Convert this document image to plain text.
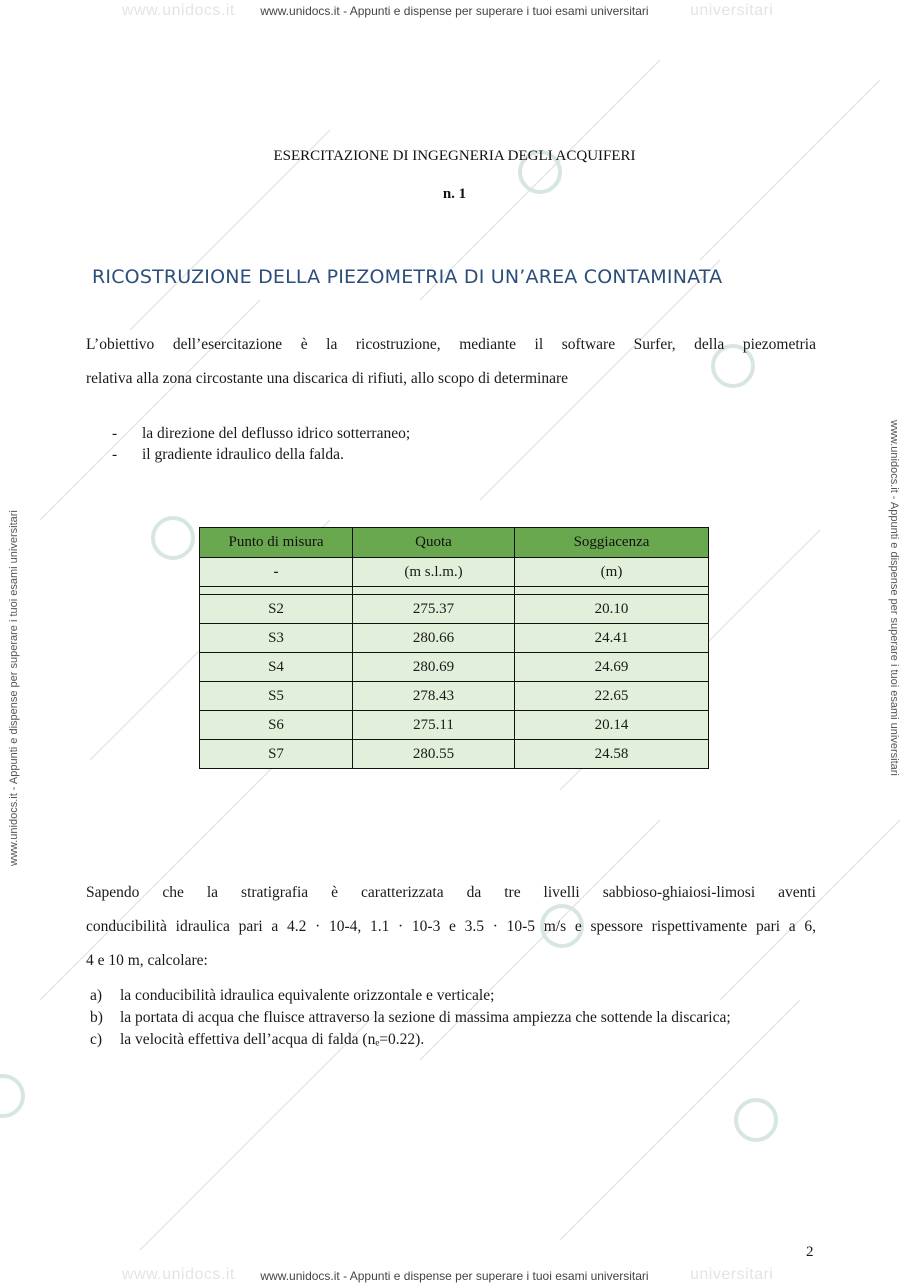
www.unidocs.it	universitari
www.unidocs.it - Appunti e dispense per superare i tuoi esami universitari
www.unidocs.it	universitari
www.unidocs.it - Appunti e dispense per superare i tuoi esami universitari
www.unidocs.it - Appunti e dispense per superare i tuoi esami universitari	www.unidocs.it - Appunti e dispense per superare i tuoi esami universitari
ESERCITAZIONE DI INGEGNERIA DEGLI ACQUIFERI
n. 1
RICOSTRUZIONE DELLA PIEZOMETRIA DI UN’AREA CONTAMINATA
L’obiettivo dell’esercitazione è la ricostruzione, mediante il software Surfer, della piezometria
relativa alla zona circostante una discarica di rifiuti, allo scopo di determinare
-	la direzione del deflusso idrico sotterraneo;
-	il gradiente idraulico della falda.
Punto di misura	Quota	Soggiacenza
-	(m s.l.m.)	(m)

S2	275.37	20.10
S3	280.66	24.41
S4	280.69	24.69
S5	278.43	22.65
S6	275.11	20.14
S7	280.55	24.58
Sapendo che la stratigrafia è caratterizzata da tre livelli sabbioso-ghiaiosi-limosi aventi
conducibilità idraulica pari a 4.2 · 10-4, 1.1 · 10-3 e 3.5 · 10-5 m/s e spessore rispettivamente pari a 6,
4 e 10 m, calcolare:
a)	la conducibilità idraulica equivalente orizzontale e verticale;
b)	la portata di acqua che fluisce attraverso la sezione di massima ampiezza che sottende la discarica;
c)	la velocità effettiva dell’acqua di falda (nₑ=0.22).
2
